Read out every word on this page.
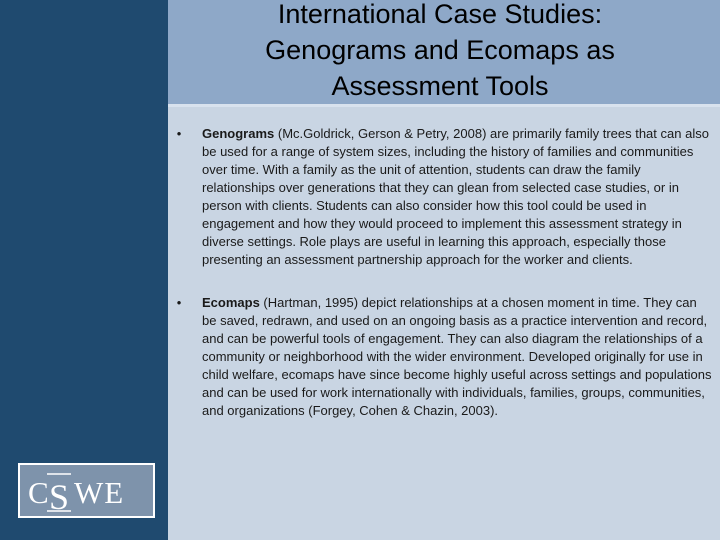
International Case Studies:
Genograms and Ecomaps as
Assessment Tools
•	Genograms (Mc.Goldrick, Gerson & Petry, 2008) are primarily family trees that can also be used for a range of system sizes, including the history of families and communities over time. With a family as the unit of attention, students can draw the family relationships over generations that they can glean from selected case studies, or in person with clients. Students can also consider how this tool could be used in engagement and how they would proceed to implement this assessment strategy in diverse settings. Role plays are useful in learning this approach, especially those presenting an assessment partnership approach for the worker and clients.
•	Ecomaps (Hartman, 1995) depict relationships at a chosen moment in time. They can be saved, redrawn, and used on an ongoing basis as a practice intervention and record, and can be powerful tools of engagement. They can also diagram the relationships of a community or neighborhood with the wider environment. Developed originally for use in child welfare, ecomaps have since become highly useful across settings and populations and can be used for work internationally with individuals, families, groups, communities, and organizations (Forgey, Cohen & Chazin, 2003).
C S WE
